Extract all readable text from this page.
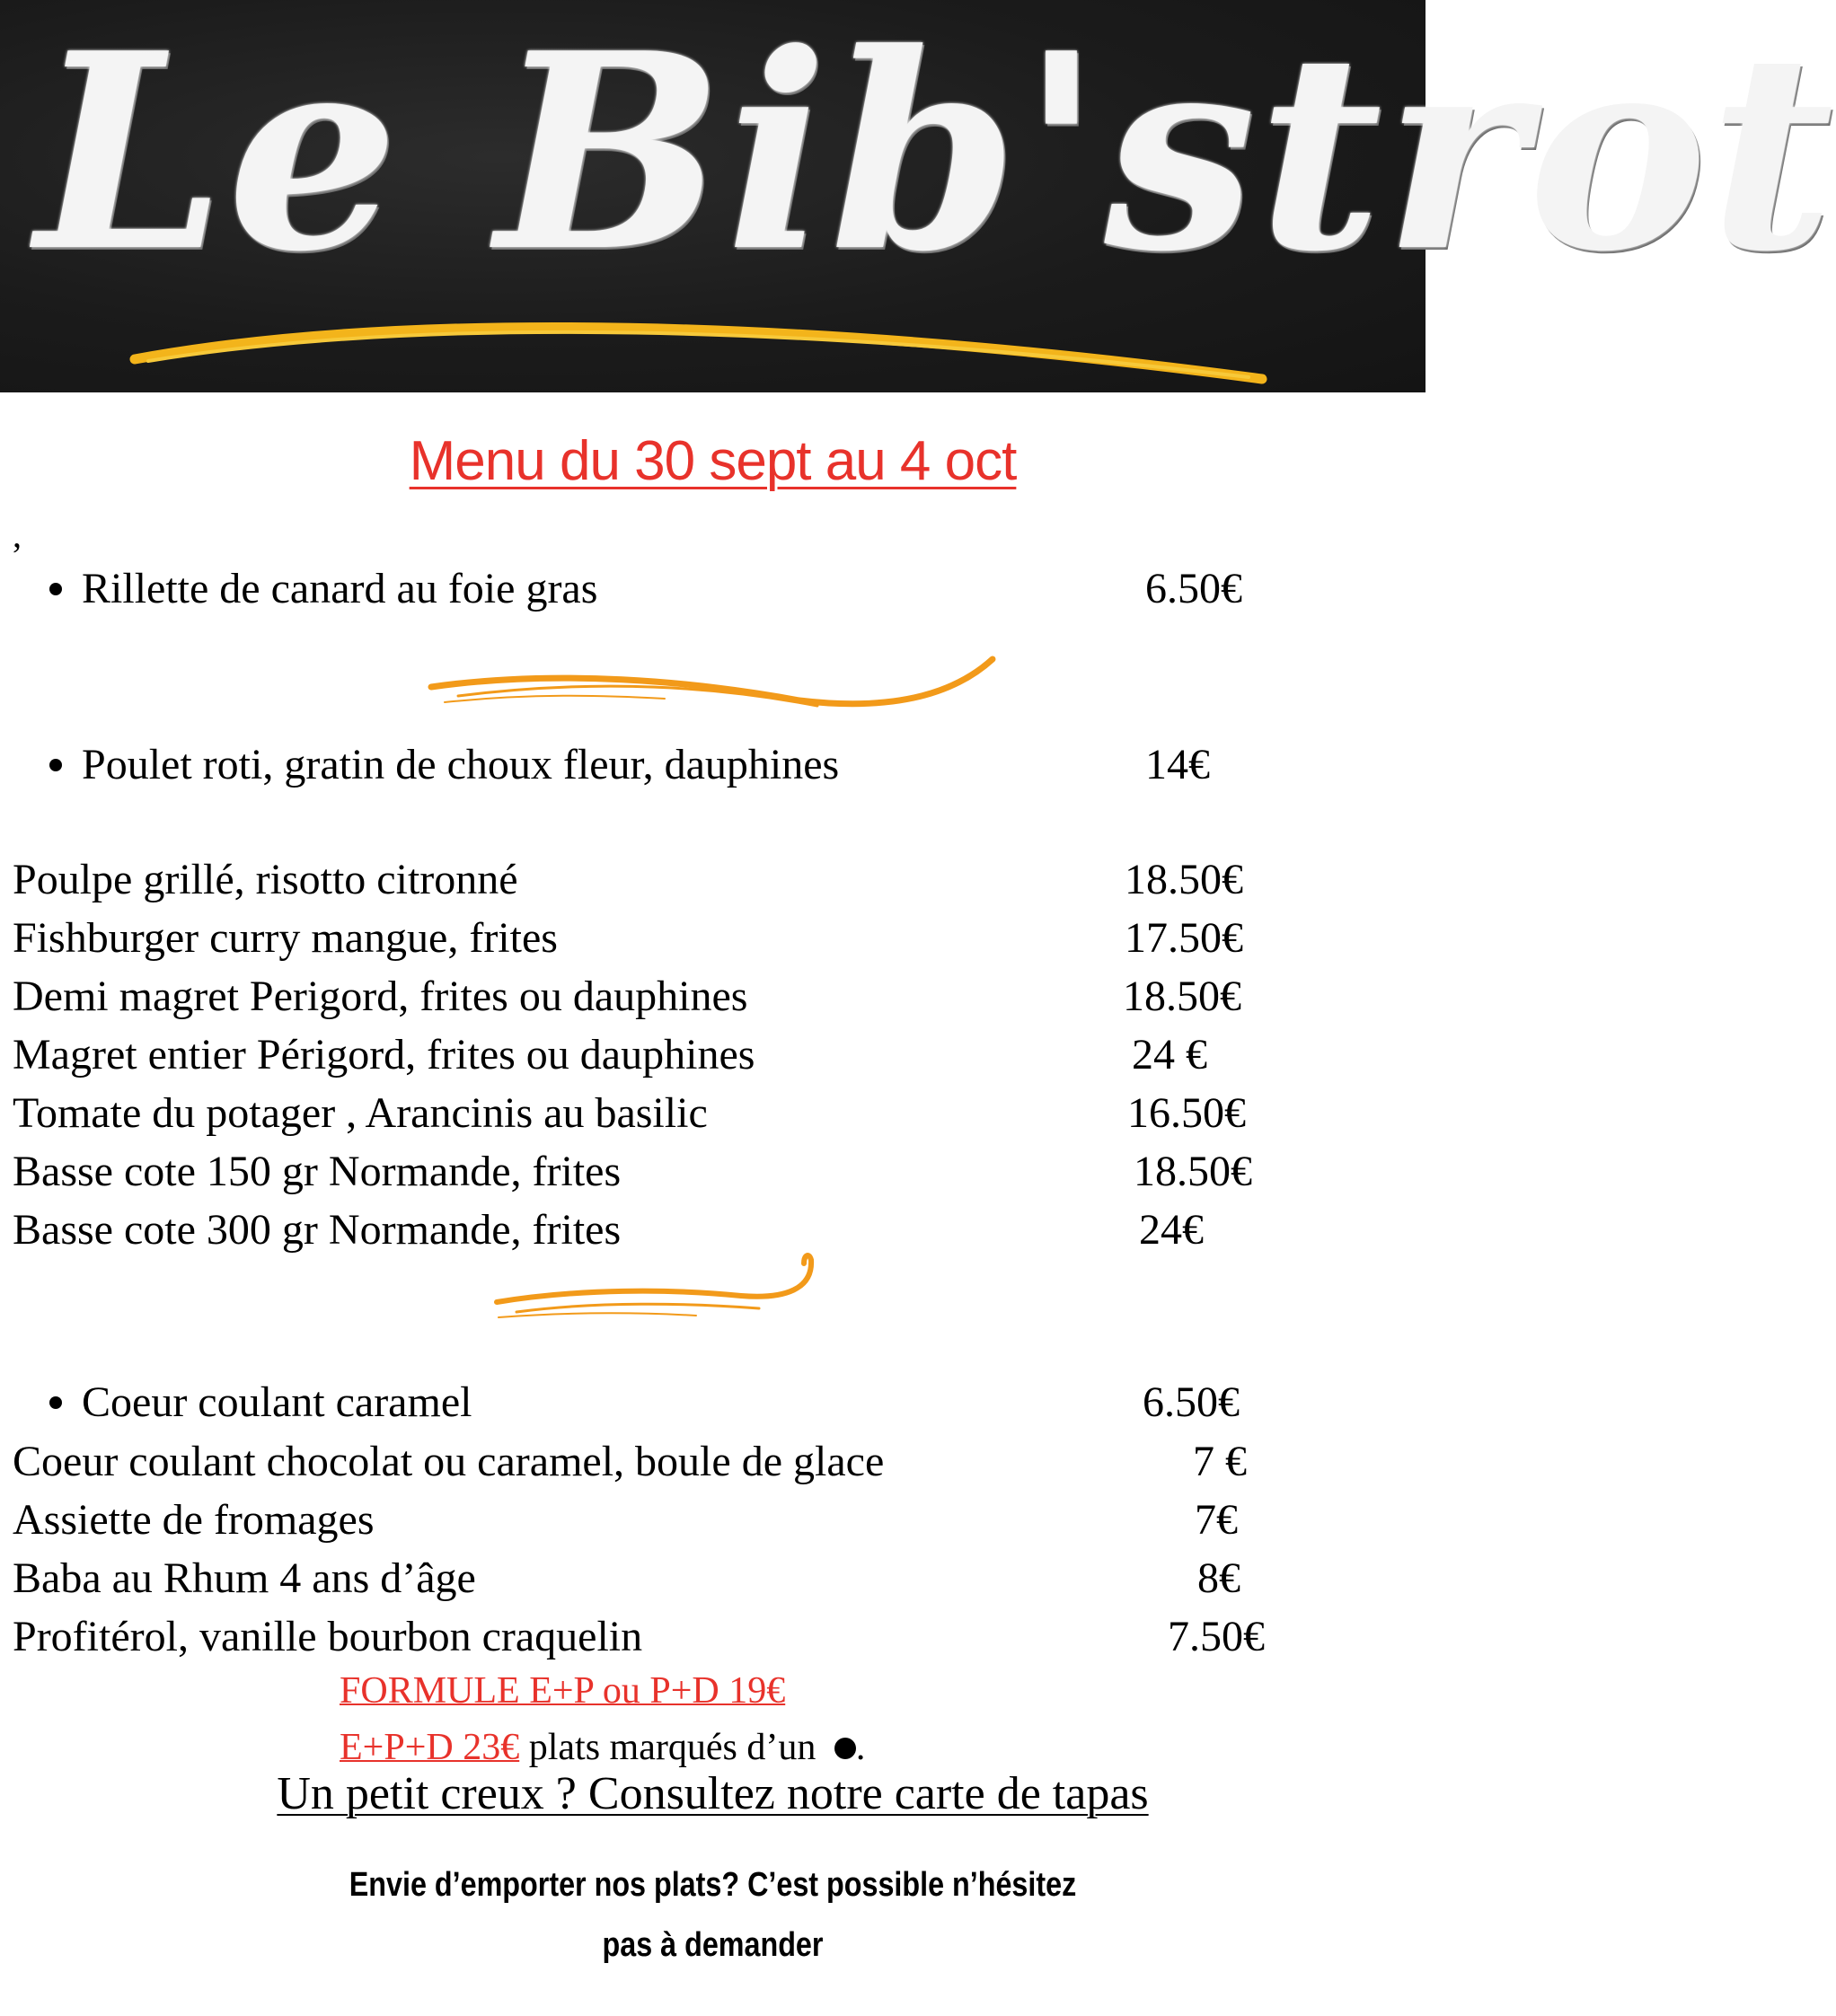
Le Bib'strot
Menu du 30 sept au 4 oct
,
Rillette de canard au foie gras	6.50€
Poulet roti, gratin de choux fleur, dauphines	14€
Poulpe grillé, risotto citronné	18.50€
Fishburger curry mangue, frites	17.50€
Demi magret Perigord, frites ou dauphines	18.50€
Magret entier Périgord, frites ou dauphines	24 €
Tomate du potager , Arancinis au basilic	16.50€
Basse cote 150 gr Normande, frites	18.50€
Basse cote 300 gr Normande, frites	24€
Coeur coulant caramel	6.50€
Coeur coulant chocolat ou caramel, boule de glace	7 €
Assiette de fromages	7€
Baba au Rhum 4 ans d’âge	8€
Profitérol, vanille bourbon craquelin	7.50€
FORMULE E+P ou P+D 19€
E+P+D 23€ plats marqués d’un .
Un petit creux ? Consultez notre carte de tapas
Envie d’emporter nos plats? C’est possible n’hésitez
pas à demander
